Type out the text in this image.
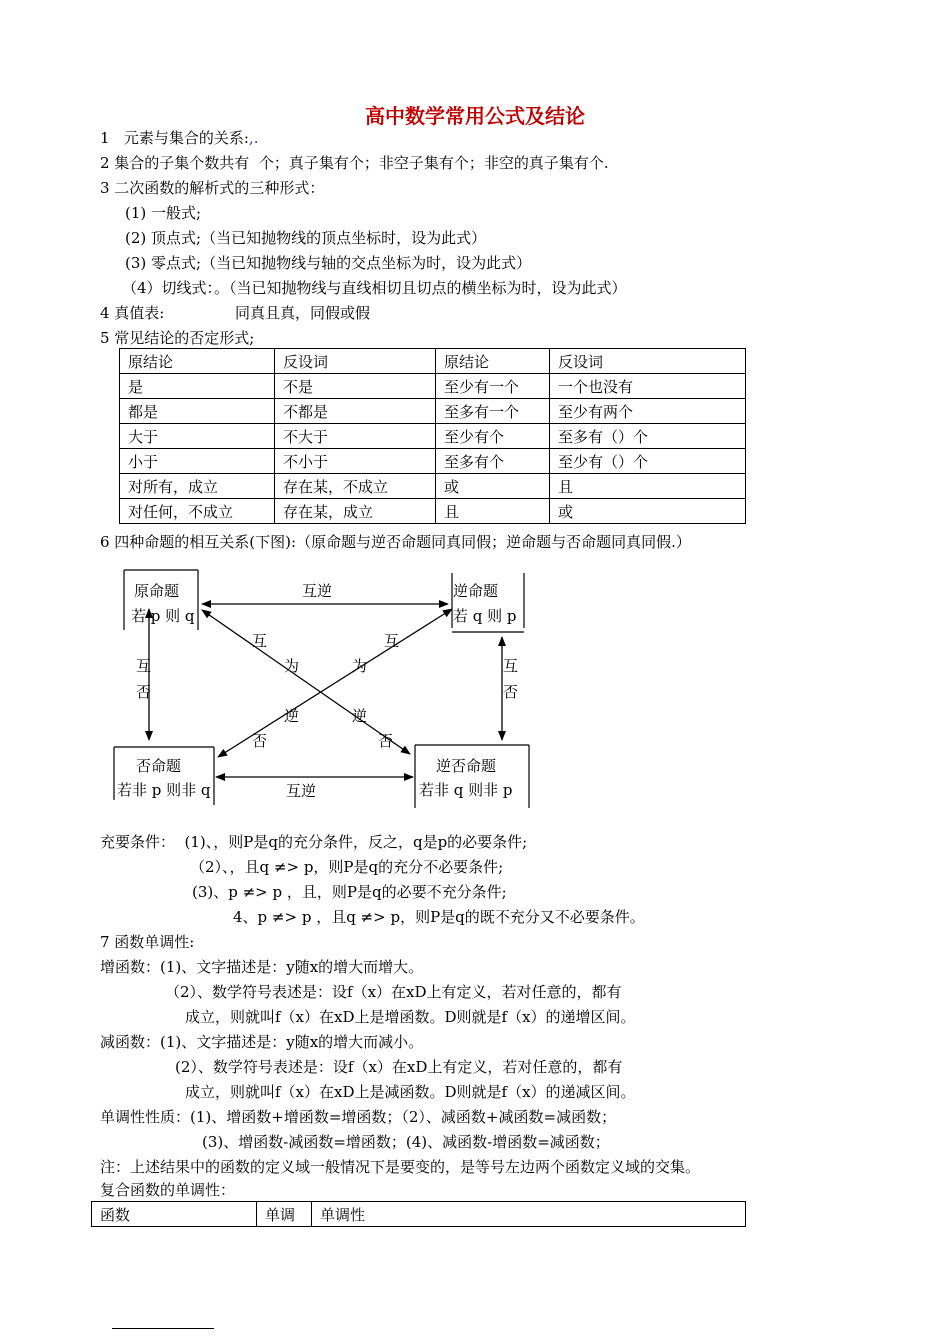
高中数学常用公式及结论
1 元素与集合的关系:,.
2 集合的子集个数共有  个；真子集有个；非空子集有个；非空的真子集有个.
3 二次函数的解析式的三种形式：
(1) 一般式;
(2) 顶点式;（当已知抛物线的顶点坐标时，设为此式）
(3) 零点式;（当已知抛物线与轴的交点坐标为时，设为此式）
（4）切线式：。（当已知抛物线与直线相切且切点的横坐标为时，设为此式）
4 真值表:	同真且真，同假或假
5 常见结论的否定形式;
原结论	反设词	原结论	反设词
是	不是	至少有一个	一个也没有
都是	不都是	至多有一个	至少有两个
大于	不大于	至少有个	至多有（）个
小于	不小于	至多有个	至少有（）个
对所有，成立	存在某，不成立	或	且
对任何，不成立	存在某，成立	且	或
6 四种命题的相互关系(下图):（原命题与逆否命题同真同假；逆命题与否命题同真同假.）
原命题
若 p 则 q
逆命题
若 q 则 p
否命题
若非 p 则非 q
逆否命题
若非 q 则非 p
互逆
互逆
互
否
互
否
互
为
逆
否
互
为
逆
否
充要条件：  (1)、，则P是q的充分条件，反之，q是p的必要条件;
（2）、，且q ≠> p，则P是q的充分不必要条件;
(3)、p ≠> p ，且，则P是q的必要不充分条件;
4、p ≠> p ，且q ≠> p，则P是q的既不充分又不必要条件。
7 函数单调性:
增函数：(1)、文字描述是：y随x的增大而增大。
（2）、数学符号表述是：设f（x）在xD上有定义，若对任意的，都有
成立，则就叫f（x）在xD上是增函数。D则就是f（x）的递增区间。
减函数：(1)、文字描述是：y随x的增大而减小。
(2）、数学符号表述是：设f（x）在xD上有定义，若对任意的，都有
成立，则就叫f（x）在xD上是减函数。D则就是f（x）的递减区间。
单调性性质：(1)、增函数+增函数=增函数；（2）、减函数+减函数=减函数；
(3)、增函数-减函数=增函数；(4)、减函数-增函数=减函数；
注：上述结果中的函数的定义域一般情况下是要变的，是等号左边两个函数定义域的交集。
复合函数的单调性：
函数	单调	单调性
